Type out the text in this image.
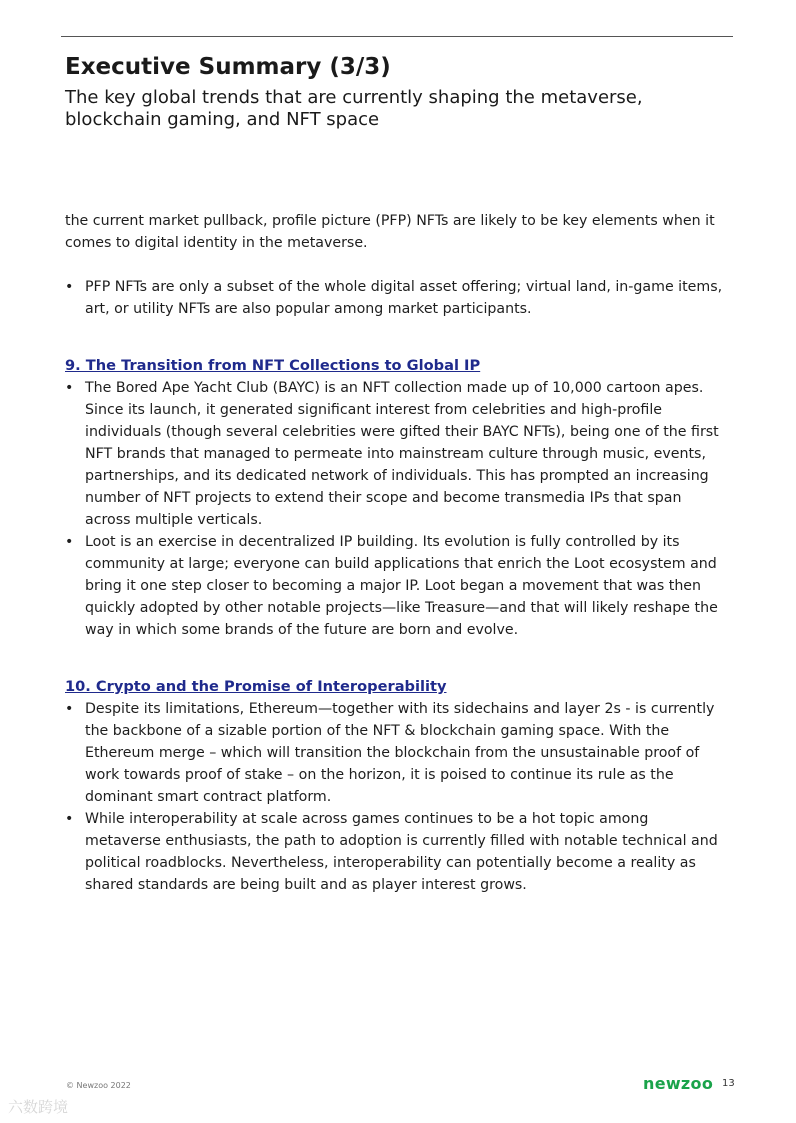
Executive Summary (3/3)
The key global trends that are currently shaping the metaverse, blockchain gaming, and NFT space

the current market pullback, profile picture (PFP) NFTs are likely to be key elements when it comes to digital identity in the metaverse.

• PFP NFTs are only a subset of the whole digital asset offering; virtual land, in-game items, art, or utility NFTs are also popular among market participants.
9. The Transition from NFT Collections to Global IP
• The Bored Ape Yacht Club (BAYC) is an NFT collection made up of 10,000 cartoon apes. Since its launch, it generated significant interest from celebrities and high-profile individuals (though several celebrities were gifted their BAYC NFTs), being one of the first NFT brands that managed to permeate into mainstream culture through music, events, partnerships, and its dedicated network of individuals. This has prompted an increasing number of NFT projects to extend their scope and become transmedia IPs that span across multiple verticals.
• Loot is an exercise in decentralized IP building. Its evolution is fully controlled by its community at large; everyone can build applications that enrich the Loot ecosystem and bring it one step closer to becoming a major IP. Loot began a movement that was then quickly adopted by other notable projects—like Treasure—and that will likely reshape the way in which some brands of the future are born and evolve.
10. Crypto and the Promise of Interoperability
• Despite its limitations, Ethereum—together with its sidechains and layer 2s - is currently the backbone of a sizable portion of the NFT & blockchain gaming space. With the Ethereum merge – which will transition the blockchain from the unsustainable proof of work towards proof of stake – on the horizon, it is poised to continue its rule as the dominant smart contract platform.
• While interoperability at scale across games continues to be a hot topic among metaverse enthusiasts, the path to adoption is currently filled with notable technical and political roadblocks. Nevertheless, interoperability can potentially become a reality as shared standards are being built and as player interest grows.
© Newzoo 2022	newzoo 13
六数跨境
